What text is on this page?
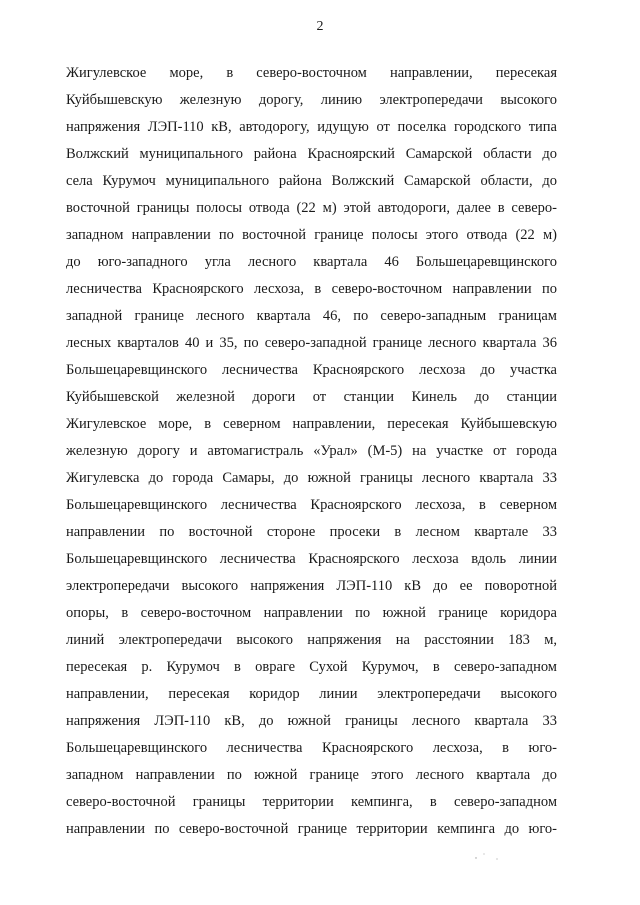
2
Жигулевское море, в северо-восточном направлении, пересекая
Куйбышевскую железную дорогу, линию электропередачи высокого
напряжения ЛЭП-110 кВ, автодорогу, идущую от поселка городского типа
Волжский муниципального района Красноярский Самарской области до
села Курумоч муниципального района Волжский Самарской области, до
восточной границы полосы отвода (22 м) этой автодороги, далее в северо-
западном направлении по восточной границе полосы этого отвода (22 м)
до юго-западного угла лесного квартала 46 Большецаревщинского
лесничества Красноярского лесхоза, в северо-восточном направлении по
западной границе лесного квартала 46, по северо-западным границам
лесных кварталов 40 и 35, по северо-западной границе лесного квартала 36
Большецаревщинского лесничества Красноярского лесхоза до участка
Куйбышевской железной дороги от станции Кинель до станции
Жигулевское море, в северном направлении, пересекая Куйбышевскую
железную дорогу и автомагистраль «Урал» (М-5) на участке от города
Жигулевска до города Самары, до южной границы лесного квартала 33
Большецаревщинского лесничества Красноярского лесхоза, в северном
направлении по восточной стороне просеки в лесном квартале 33
Большецаревщинского лесничества Красноярского лесхоза вдоль линии
электропередачи высокого напряжения ЛЭП-110 кВ до ее поворотной
опоры, в северо-восточном направлении по южной границе коридора
линий электропередачи высокого напряжения на расстоянии 183 м,
пересекая р. Курумоч в овраге Сухой Курумоч, в северо-западном
направлении, пересекая коридор линии электропередачи высокого
напряжения ЛЭП-110 кВ, до южной границы лесного квартала 33
Большецаревщинского лесничества Красноярского лесхоза, в юго-
западном направлении по южной границе этого лесного квартала до
северо-восточной границы территории кемпинга, в северо-западном
направлении по северо-восточной границе территории кемпинга до юго-
